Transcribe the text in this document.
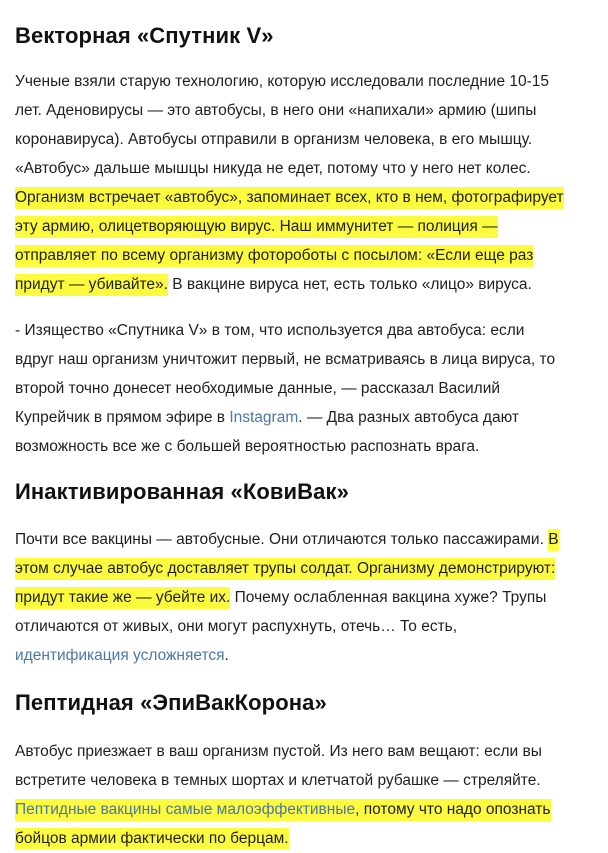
Векторная «Спутник V»

Ученые взяли старую технологию, которую исследовали последние 10-15
лет. Аденовирусы — это автобусы, в него они «напихали» армию (шипы
коронавируса). Автобусы отправили в организм человека, в его мышцу.
«Автобус» дальше мышцы никуда не едет, потому что у него нет колес.
Организм встречает «автобус», запоминает всех, кто в нем, фотографирует
эту армию, олицетворяющую вирус. Наш иммунитет — полиция —
отправляет по всему организму фотороботы с посылом: «Если еще раз
придут — убивайте». В вакцине вируса нет, есть только «лицо» вируса.

- Изящество «Спутника V» в том, что используется два автобуса: если
вдруг наш организм уничтожит первый, не всматриваясь в лица вируса, то
второй точно донесет необходимые данные, — рассказал Василий
Купрейчик в прямом эфире в Instagram. — Два разных автобуса дают
возможность все же с большей вероятностью распознать врага.

Инактивированная «КовиВак»

Почти все вакцины — автобусные. Они отличаются только пассажирами. В
этом случае автобус доставляет трупы солдат. Организму демонстрируют:
придут такие же — убейте их. Почему ослабленная вакцина хуже? Трупы
отличаются от живых, они могут распухнуть, отечь… То есть,
идентификация усложняется.

Пептидная «ЭпиВакКорона»

Автобус приезжает в ваш организм пустой. Из него вам вещают: если вы
встретите человека в темных шортах и клетчатой рубашке — стреляйте.
Пептидные вакцины самые малоэффективные, потому что надо опознать
бойцов армии фактически по берцам.
